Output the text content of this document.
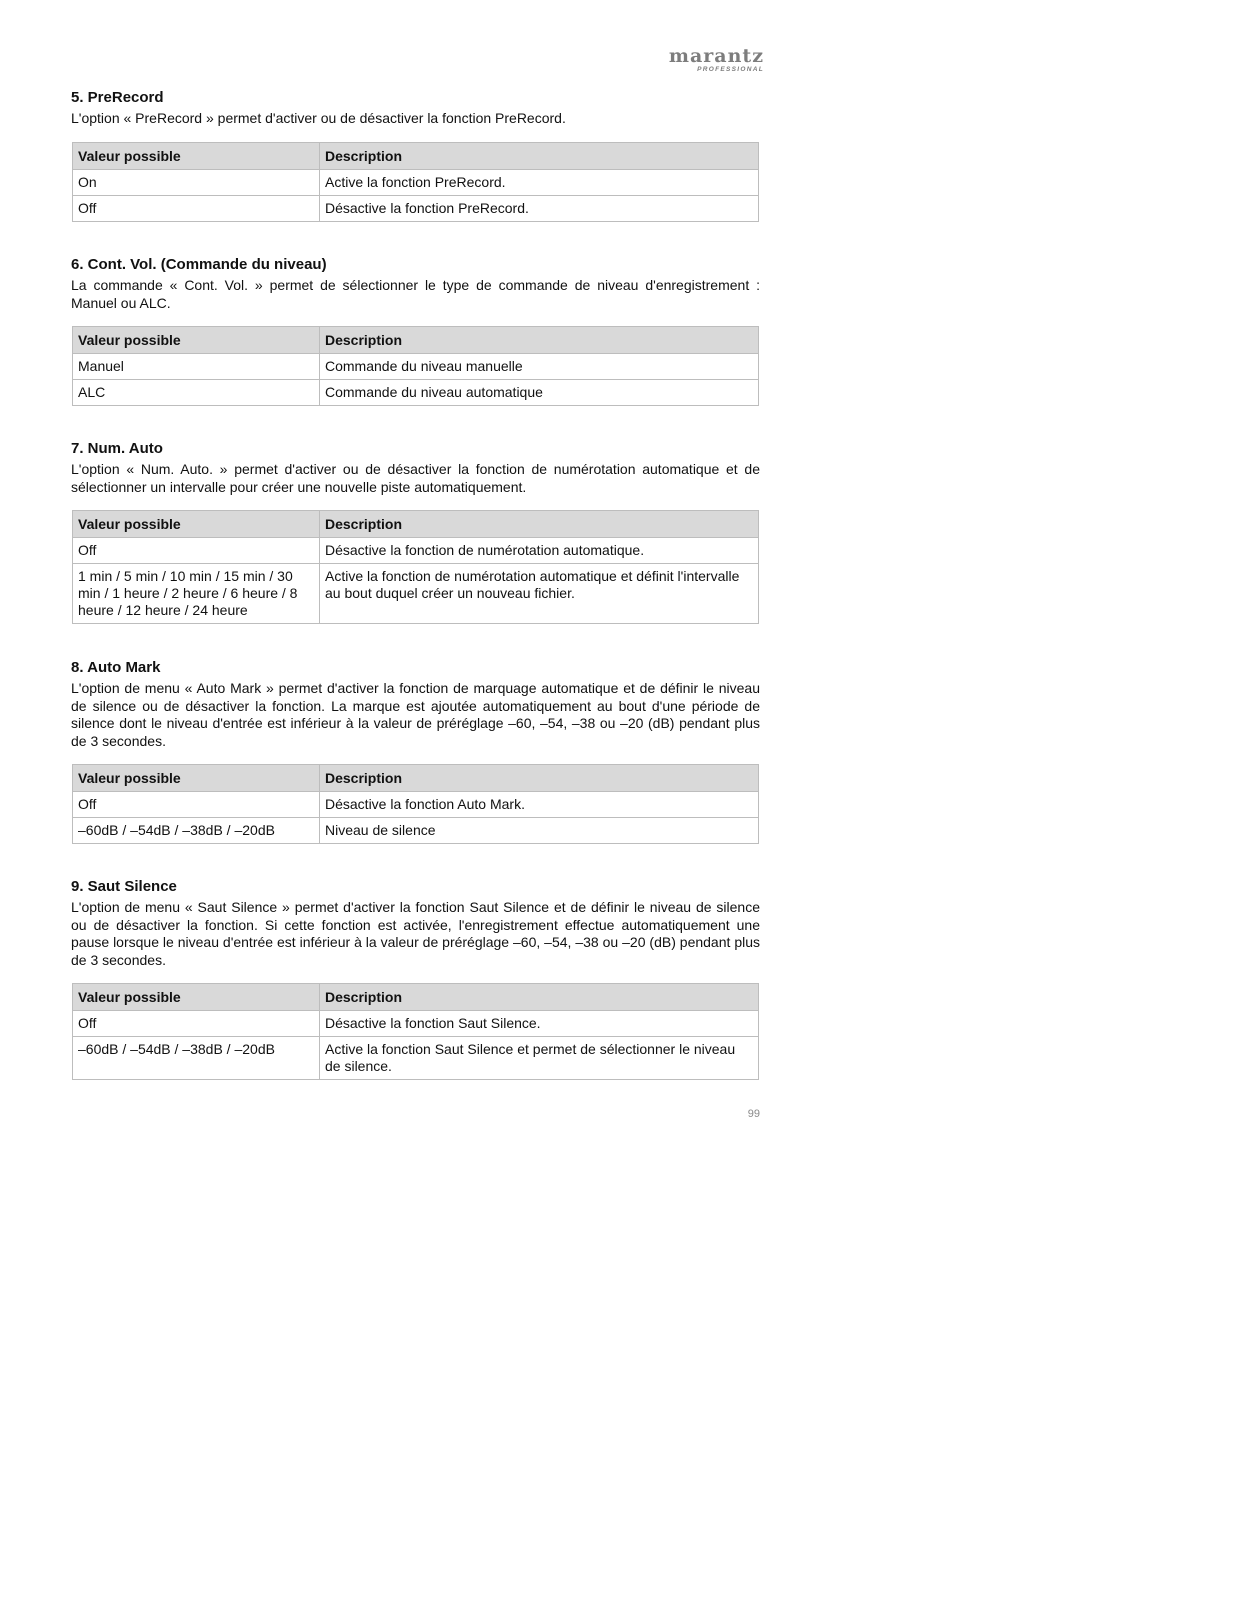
marantz
PROFESSIONAL
5. PreRecord

L'option « PreRecord » permet d'activer ou de désactiver la fonction PreRecord.

Valeur possible	Description
On	Active la fonction PreRecord.
Off	Désactive la fonction PreRecord.
6. Cont. Vol. (Commande du niveau)

La commande « Cont. Vol. » permet de sélectionner le type de commande de niveau d'enregistrement : Manuel ou ALC.

Valeur possible	Description
Manuel	Commande du niveau manuelle
ALC	Commande du niveau automatique
7. Num. Auto

L'option « Num. Auto. » permet d'activer ou de désactiver la fonction de numérotation automatique et de sélectionner un intervalle pour créer une nouvelle piste automatiquement.

Valeur possible	Description
Off	Désactive la fonction de numérotation automatique.
1 min / 5 min / 10 min / 15 min / 30 min / 1 heure / 2 heure / 6 heure / 8 heure / 12 heure / 24 heure	Active la fonction de numérotation automatique et définit l'intervalle au bout duquel créer un nouveau fichier.
8. Auto Mark

L'option de menu « Auto Mark » permet d'activer la fonction de marquage automatique et de définir le niveau de silence ou de désactiver la fonction. La marque est ajoutée automatiquement au bout d'une période de silence dont le niveau d'entrée est inférieur à la valeur de préréglage –60, –54, –38 ou –20 (dB) pendant plus de 3 secondes.

Valeur possible	Description
Off	Désactive la fonction Auto Mark.
–60dB / –54dB / –38dB / –20dB	Niveau de silence
9. Saut Silence

L'option de menu « Saut Silence » permet d'activer la fonction Saut Silence et de définir le niveau de silence ou de désactiver la fonction. Si cette fonction est activée, l'enregistrement effectue automatiquement une pause lorsque le niveau d'entrée est inférieur à la valeur de préréglage –60, –54, –38 ou –20 (dB) pendant plus de 3 secondes.

Valeur possible	Description
Off	Désactive la fonction Saut Silence.
–60dB / –54dB / –38dB / –20dB	Active la fonction Saut Silence et permet de sélectionner le niveau de silence.
99
